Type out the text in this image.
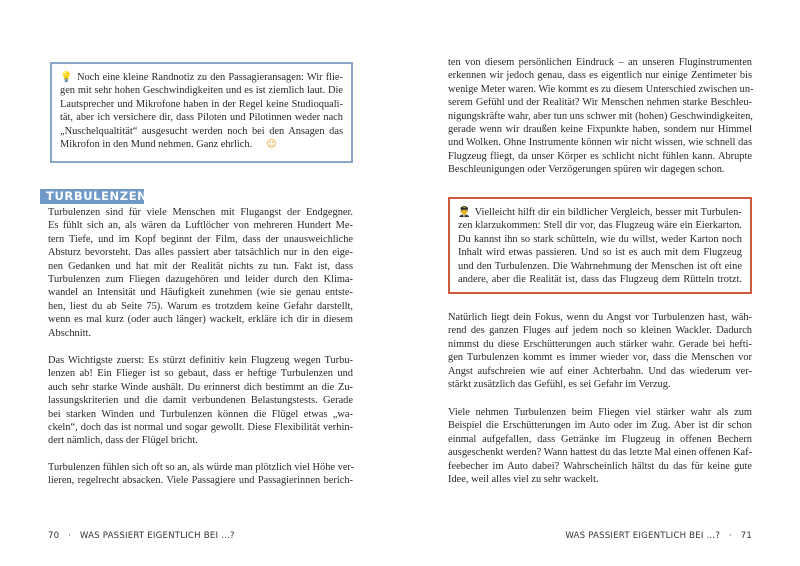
💡 Noch eine kleine Randnotiz zu den Passagieransagen: Wir flie-
gen mit sehr hohen Geschwindigkeiten und es ist ziemlich laut. Die
Lautsprecher und Mikrofone haben in der Regel keine Studioquali-
tät, aber ich versichere dir, dass Piloten und Pilotinnen weder nach
„Nuschelqualtität“ ausgesucht werden noch bei den Ansagen das
Mikrofon in den Mund nehmen. Ganz ehrlich. 😉
TURBULENZEN
Turbulenzen sind für viele Menschen mit Flugangst der Endgegner.
Es fühlt sich an, als wären da Luftlöcher von mehreren Hundert Me-
tern Tiefe, und im Kopf beginnt der Film, dass der unausweichliche
Absturz bevorsteht. Das alles passiert aber tatsächlich nur in den eige-
nen Gedanken und hat mit der Realität nichts zu tun. Fakt ist, dass
Turbulenzen zum Fliegen dazugehören und leider durch den Klima-
wandel an Intensität und Häufigkeit zunehmen (wie sie genau entste-
hen, liest du ab Seite 75). Warum es trotzdem keine Gefahr darstellt,
wenn es mal kurz (oder auch länger) wackelt, erkläre ich dir in diesem
Abschnitt.
Das Wichtigste zuerst: Es stürzt definitiv kein Flugzeug wegen Turbu-
lenzen ab! Ein Flieger ist so gebaut, dass er heftige Turbulenzen und
auch sehr starke Winde aushält. Du erinnerst dich bestimmt an die Zu-
lassungskriterien und die damit verbundenen Belastungstests. Gerade
bei starken Winden und Turbulenzen können die Flügel etwas „wa-
ckeln“, doch das ist normal und sogar gewollt. Diese Flexibilität verhin-
dert nämlich, dass der Flügel bricht.
Turbulenzen fühlen sich oft so an, als würde man plötzlich viel Höhe ver-
lieren, regelrecht absacken. Viele Passagiere und Passagierinnen berich-
70 · WAS PASSIERT EIGENTLICH BEI …?
ten von diesem persönlichen Eindruck – an unseren Fluginstrumenten
erkennen wir jedoch genau, dass es eigentlich nur einige Zentimeter bis
wenige Meter waren. Wie kommt es zu diesem Unterschied zwischen un-
serem Gefühl und der Realität? Wir Menschen nehmen starke Beschleu-
nigungskräfte wahr, aber tun uns schwer mit (hohen) Geschwindigkeiten,
gerade wenn wir draußen keine Fixpunkte haben, sondern nur Himmel
und Wolken. Ohne Instrumente können wir nicht wissen, wie schnell das
Flugzeug fliegt, da unser Körper es schlicht nicht fühlen kann. Abrupte
Beschleunigungen oder Verzögerungen spüren wir dagegen schon.
👨‍✈️ Vielleicht hilft dir ein bildlicher Vergleich, besser mit Turbulen-
zen klarzukommen: Stell dir vor, das Flugzeug wäre ein Eierkarton.
Du kannst ihn so stark schütteln, wie du willst, weder Karton noch
Inhalt wird etwas passieren. Und so ist es auch mit dem Flugzeug
und den Turbulenzen. Die Wahrnehmung der Menschen ist oft eine
andere, aber die Realität ist, dass das Flugzeug dem Rütteln trotzt.
Natürlich liegt dein Fokus, wenn du Angst vor Turbulenzen hast, wäh-
rend des ganzen Fluges auf jedem noch so kleinen Wackler. Dadurch
nimmst du diese Erschütterungen auch stärker wahr. Gerade bei hefti-
gen Turbulenzen kommt es immer wieder vor, dass die Menschen vor
Angst aufschreien wie auf einer Achterbahn. Und das wiederum ver-
stärkt zusätzlich das Gefühl, es sei Gefahr im Verzug.
Viele nehmen Turbulenzen beim Fliegen viel stärker wahr als zum
Beispiel die Erschütterungen im Auto oder im Zug. Aber ist dir schon
einmal aufgefallen, dass Getränke im Flugzeug in offenen Bechern
ausgeschenkt werden? Wann hattest du das letzte Mal einen offenen Kaf-
feebecher im Auto dabei? Wahrscheinlich hältst du das für keine gute
Idee, weil alles viel zu sehr wackelt.
WAS PASSIERT EIGENTLICH BEI …? · 71
